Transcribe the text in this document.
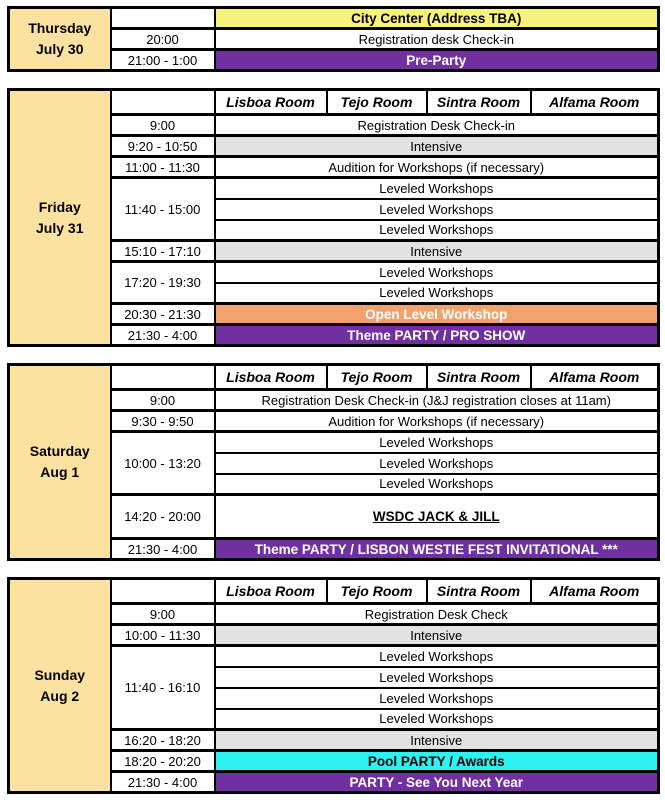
Thursday
July 30		City Center (Address TBA)
	20:00	Registration desk Check-in
	21:00 - 1:00	Pre-Party
Friday
July 31		Lisboa Room	Tejo Room	Sintra Room	Alfama Room
	9:00	Registration Desk Check-in			
	9:20 - 10:50	Intensive			
	11:00 - 11:30	Audition for Workshops (if necessary)			
	11:40 - 15:00	Leveled Workshops			
		Leveled Workshops			
		Leveled Workshops			
	15:10 - 17:10	Intensive			
	17:20 - 19:30	Leveled Workshops			
		Leveled Workshops			
	20:30 - 21:30	Open Level Workshop			
	21:30 - 4:00	Theme PARTY / PRO SHOW			
Saturday
Aug 1		Lisboa Room	Tejo Room	Sintra Room	Alfama Room
	9:00	Registration Desk Check-in (J&J registration closes at 11am)			
	9:30 - 9:50	Audition for Workshops (if necessary)			
	10:00 - 13:20	Leveled Workshops			
		Leveled Workshops			
		Leveled Workshops			
	14:20 - 20:00	WSDC JACK & JILL			
	21:30 - 4:00	Theme PARTY / LISBON WESTIE FEST INVITATIONAL ***			
Sunday
Aug 2		Lisboa Room	Tejo Room	Sintra Room	Alfama Room
	9:00	Registration Desk Check			
	10:00 - 11:30	Intensive			
	11:40 - 16:10	Leveled Workshops			
		Leveled Workshops			
		Leveled Workshops			
		Leveled Workshops			
	16:20 - 18:20	Intensive			
	18:20 - 20:20	Pool PARTY / Awards			
	21:30 - 4:00	PARTY - See You Next Year			
